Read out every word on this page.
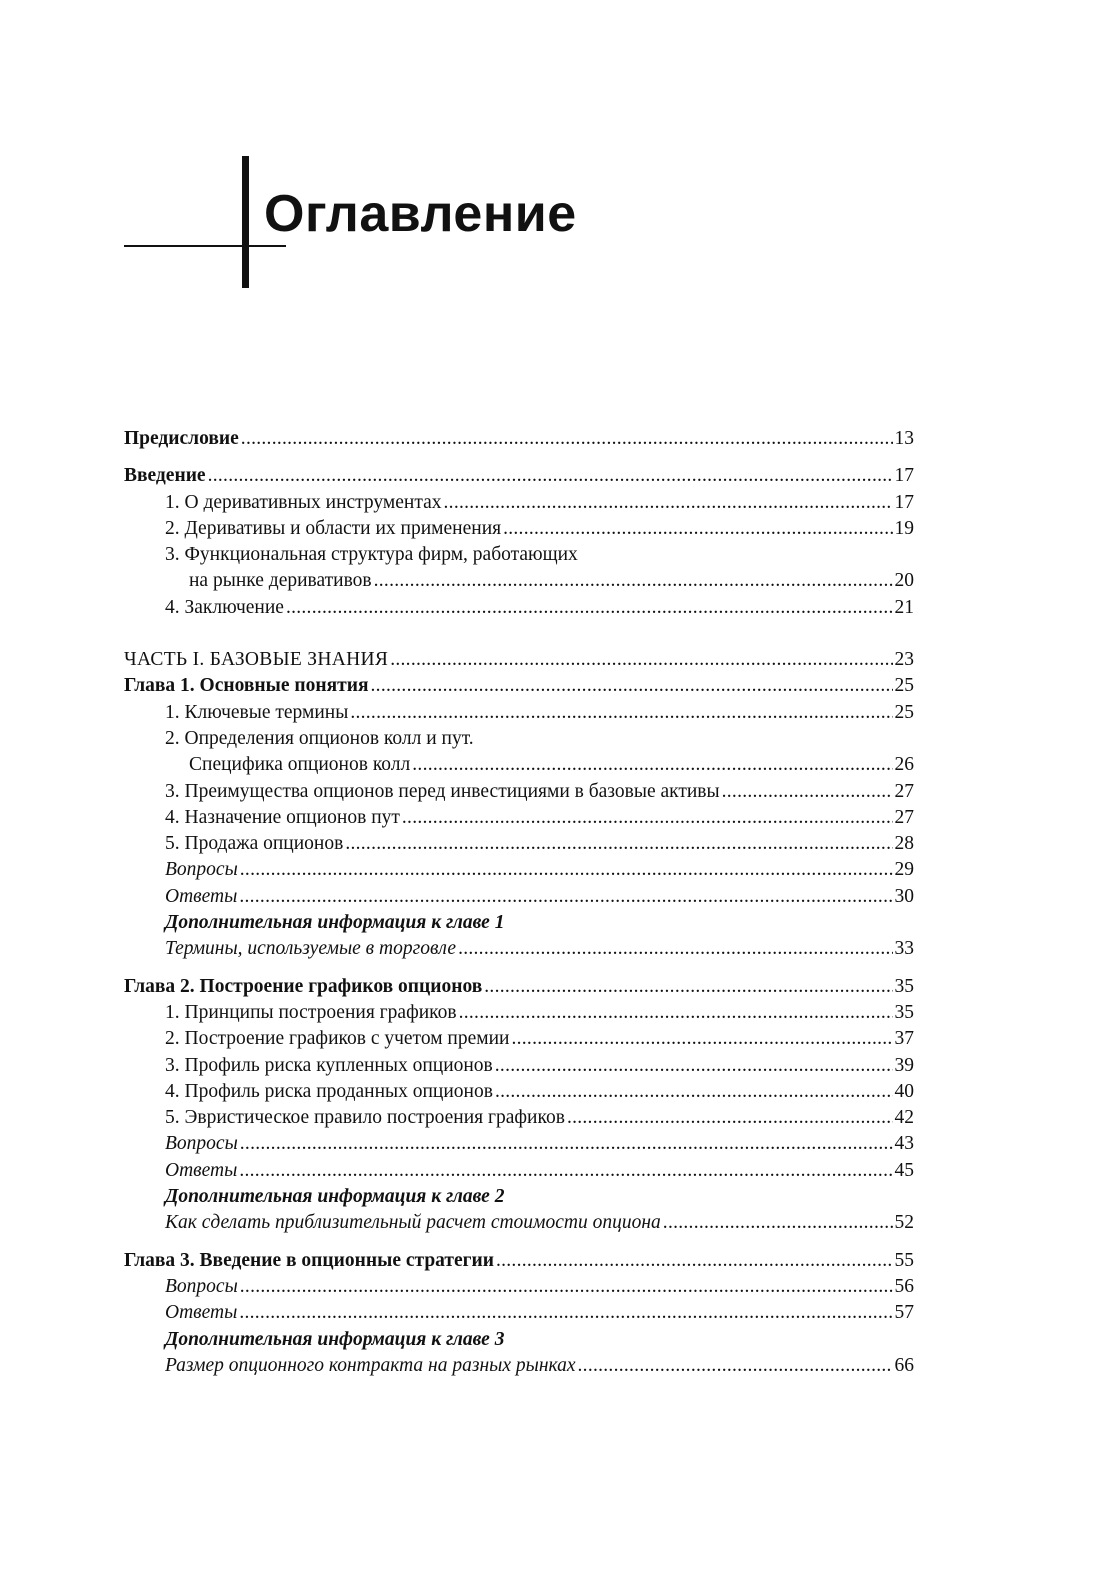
Оглавление
Предисловие . . .	13
Введение . . .	17
1. О деривативных инструментах . . .	17
2. Деривативы и области их применения . . .	19
3. Функциональная структура фирм, работающих
на рынке деривативов . . .	20
4. Заключение . . .	21
ЧАСТЬ I. БАЗОВЫЕ ЗНАНИЯ . . .	23
Глава 1. Основные понятия . . .	25
1. Ключевые термины . . .	25
2. Определения опционов колл и пут.
Специфика опционов колл . . .	26
3. Преимущества опционов перед инвестициями в базовые активы . . .	27
4. Назначение опционов пут . . .	27
5. Продажа опционов . . .	28
Вопросы . . .	29
Ответы . . .	30
Дополнительная информация к главе 1
Термины, используемые в торговле . . .	33
Глава 2. Построение графиков опционов . . .	35
1. Принципы построения графиков . . .	35
2. Построение графиков с учетом премии . . .	37
3. Профиль риска купленных опционов . . .	39
4. Профиль риска проданных опционов . . .	40
5. Эвристическое правило построения графиков . . .	42
Вопросы . . .	43
Ответы . . .	45
Дополнительная информация к главе 2
Как сделать приблизительный расчет стоимости опциона . . .	52
Глава 3. Введение в опционные стратегии . . .	55
Вопросы . . .	56
Ответы . . .	57
Дополнительная информация к главе 3
Размер опционного контракта на разных рынках . . .	66
